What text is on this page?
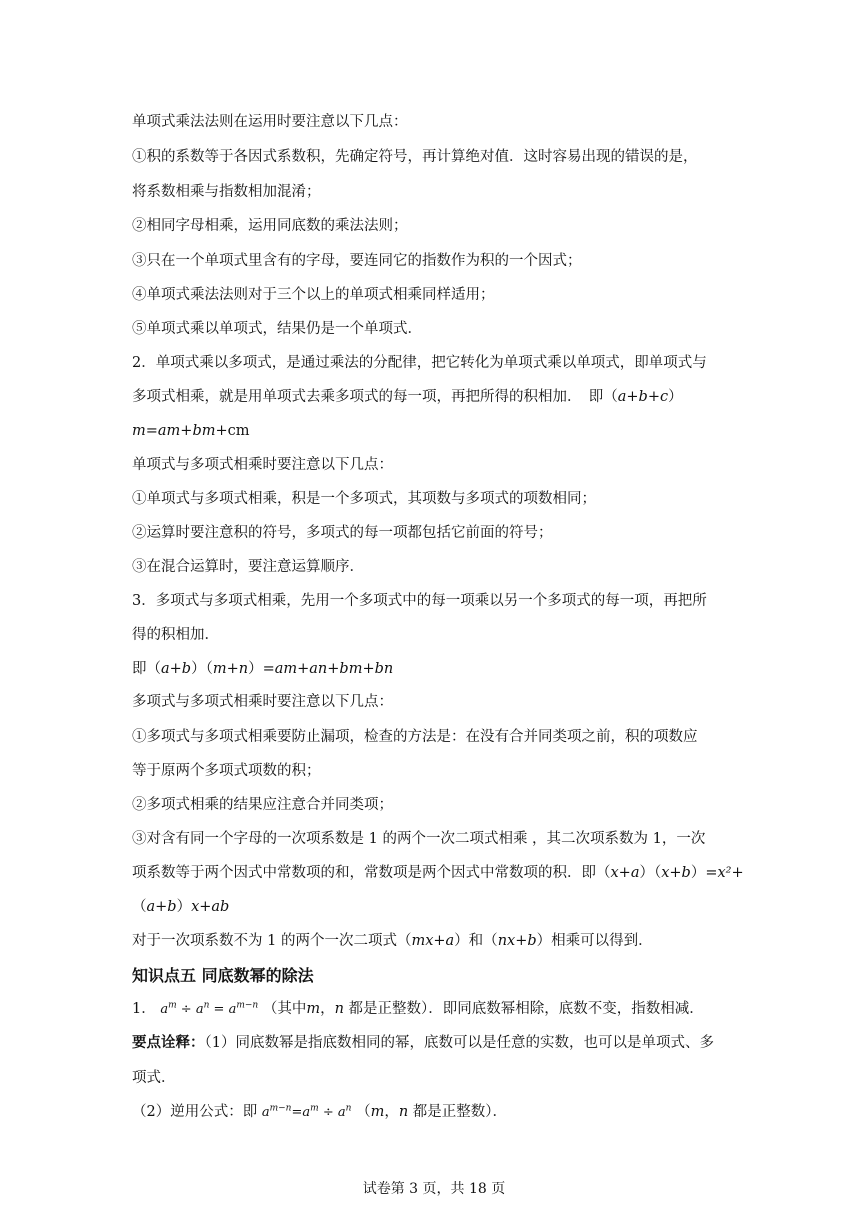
单项式乘法法则在运用时要注意以下几点：
①积的系数等于各因式系数积，先确定符号，再计算绝对值．这时容易出现的错误的是，
将系数相乘与指数相加混淆；
②相同字母相乘，运用同底数的乘法法则；
③只在一个单项式里含有的字母，要连同它的指数作为积的一个因式；
④单项式乘法法则对于三个以上的单项式相乘同样适用；
⑤单项式乘以单项式，结果仍是一个单项式．
2．单项式乘以多项式，是通过乘法的分配律，把它转化为单项式乘以单项式，即单项式与
多项式相乘，就是用单项式去乘多项式的每一项，再把所得的积相加．　即（a+b+c）
m=am+bm+cm
单项式与多项式相乘时要注意以下几点：
①单项式与多项式相乘，积是一个多项式，其项数与多项式的项数相同；
②运算时要注意积的符号，多项式的每一项都包括它前面的符号；
③在混合运算时，要注意运算顺序．
3．多项式与多项式相乘，先用一个多项式中的每一项乘以另一个多项式的每一项，再把所
得的积相加．
即（a+b）（m+n）=am+an+bm+bn
多项式与多项式相乘时要注意以下几点：
①多项式与多项式相乘要防止漏项，检查的方法是：在没有合并同类项之前，积的项数应
等于原两个多项式项数的积；
②多项式相乘的结果应注意合并同类项；
③对含有同一个字母的一次项系数是 1 的两个一次二项式相乘 ，其二次项系数为 1，一次
项系数等于两个因式中常数项的和，常数项是两个因式中常数项的积．即（x+a）（x+b）=x²+
（a+b）x+ab
对于一次项系数不为 1 的两个一次二项式（mx+a）和（nx+b）相乘可以得到．
知识点五 同底数幂的除法
1． $a^m \div a^n = a^{m-n}$ （其中m，n 都是正整数）．即同底数幂相除，底数不变，指数相减．
要点诠释：（1）同底数幂是指底数相同的幂，底数可以是任意的实数，也可以是单项式、多
项式．
（2）逆用公式：即 $a^{m-n}=a^m \div a^n$ （m，n 都是正整数）．
试卷第 3 页，共 18 页
